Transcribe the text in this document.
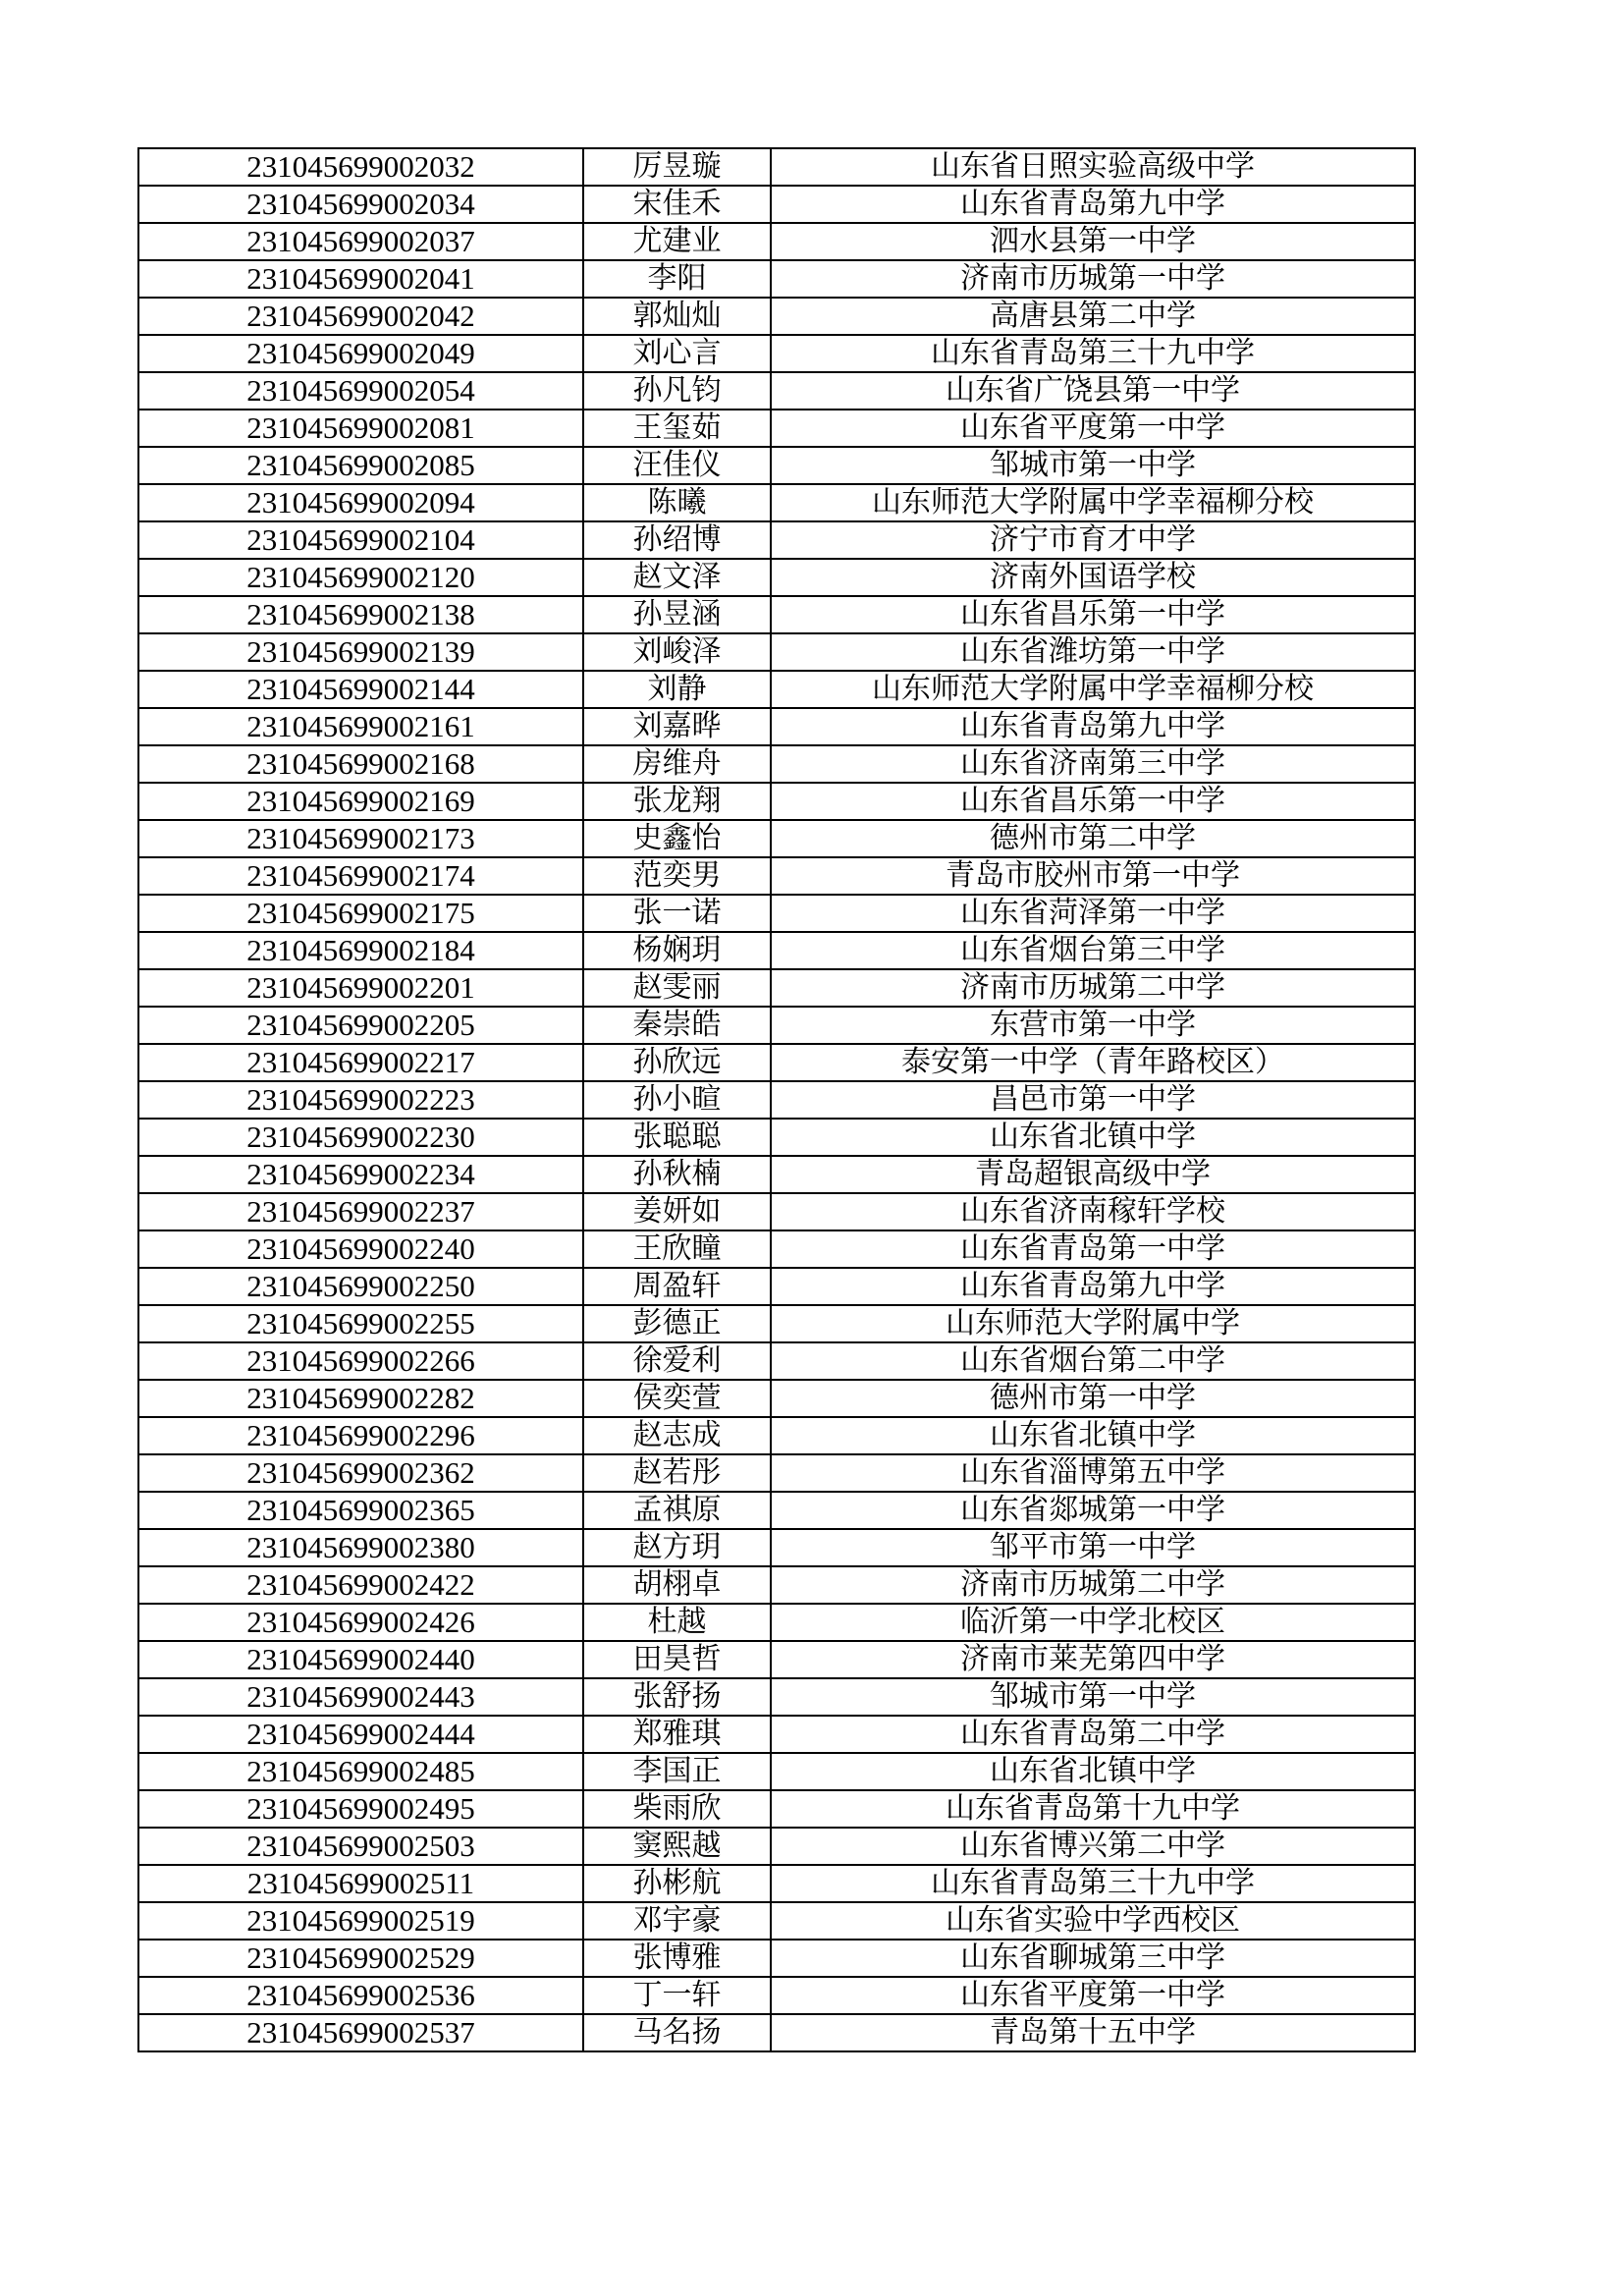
231045699002032	厉昱璇	山东省日照实验高级中学
231045699002034	宋佳禾	山东省青岛第九中学
231045699002037	尤建业	泗水县第一中学
231045699002041	李阳	济南市历城第一中学
231045699002042	郭灿灿	高唐县第二中学
231045699002049	刘心言	山东省青岛第三十九中学
231045699002054	孙凡钧	山东省广饶县第一中学
231045699002081	王玺茹	山东省平度第一中学
231045699002085	汪佳仪	邹城市第一中学
231045699002094	陈曦	山东师范大学附属中学幸福柳分校
231045699002104	孙绍博	济宁市育才中学
231045699002120	赵文泽	济南外国语学校
231045699002138	孙昱涵	山东省昌乐第一中学
231045699002139	刘峻泽	山东省潍坊第一中学
231045699002144	刘静	山东师范大学附属中学幸福柳分校
231045699002161	刘嘉晔	山东省青岛第九中学
231045699002168	房维舟	山东省济南第三中学
231045699002169	张龙翔	山东省昌乐第一中学
231045699002173	史鑫怡	德州市第二中学
231045699002174	范奕男	青岛市胶州市第一中学
231045699002175	张一诺	山东省菏泽第一中学
231045699002184	杨娴玥	山东省烟台第三中学
231045699002201	赵雯丽	济南市历城第二中学
231045699002205	秦崇皓	东营市第一中学
231045699002217	孙欣远	泰安第一中学（青年路校区）
231045699002223	孙小暄	昌邑市第一中学
231045699002230	张聪聪	山东省北镇中学
231045699002234	孙秋楠	青岛超银高级中学
231045699002237	姜妍如	山东省济南稼轩学校
231045699002240	王欣瞳	山东省青岛第一中学
231045699002250	周盈轩	山东省青岛第九中学
231045699002255	彭德正	山东师范大学附属中学
231045699002266	徐爱利	山东省烟台第二中学
231045699002282	侯奕萱	德州市第一中学
231045699002296	赵志成	山东省北镇中学
231045699002362	赵若彤	山东省淄博第五中学
231045699002365	孟祺原	山东省郯城第一中学
231045699002380	赵方玥	邹平市第一中学
231045699002422	胡栩卓	济南市历城第二中学
231045699002426	杜越	临沂第一中学北校区
231045699002440	田昊哲	济南市莱芜第四中学
231045699002443	张舒扬	邹城市第一中学
231045699002444	郑雅琪	山东省青岛第二中学
231045699002485	李国正	山东省北镇中学
231045699002495	柴雨欣	山东省青岛第十九中学
231045699002503	窦熙越	山东省博兴第二中学
231045699002511	孙彬航	山东省青岛第三十九中学
231045699002519	邓宇豪	山东省实验中学西校区
231045699002529	张博雅	山东省聊城第三中学
231045699002536	丁一轩	山东省平度第一中学
231045699002537	马名扬	青岛第十五中学
